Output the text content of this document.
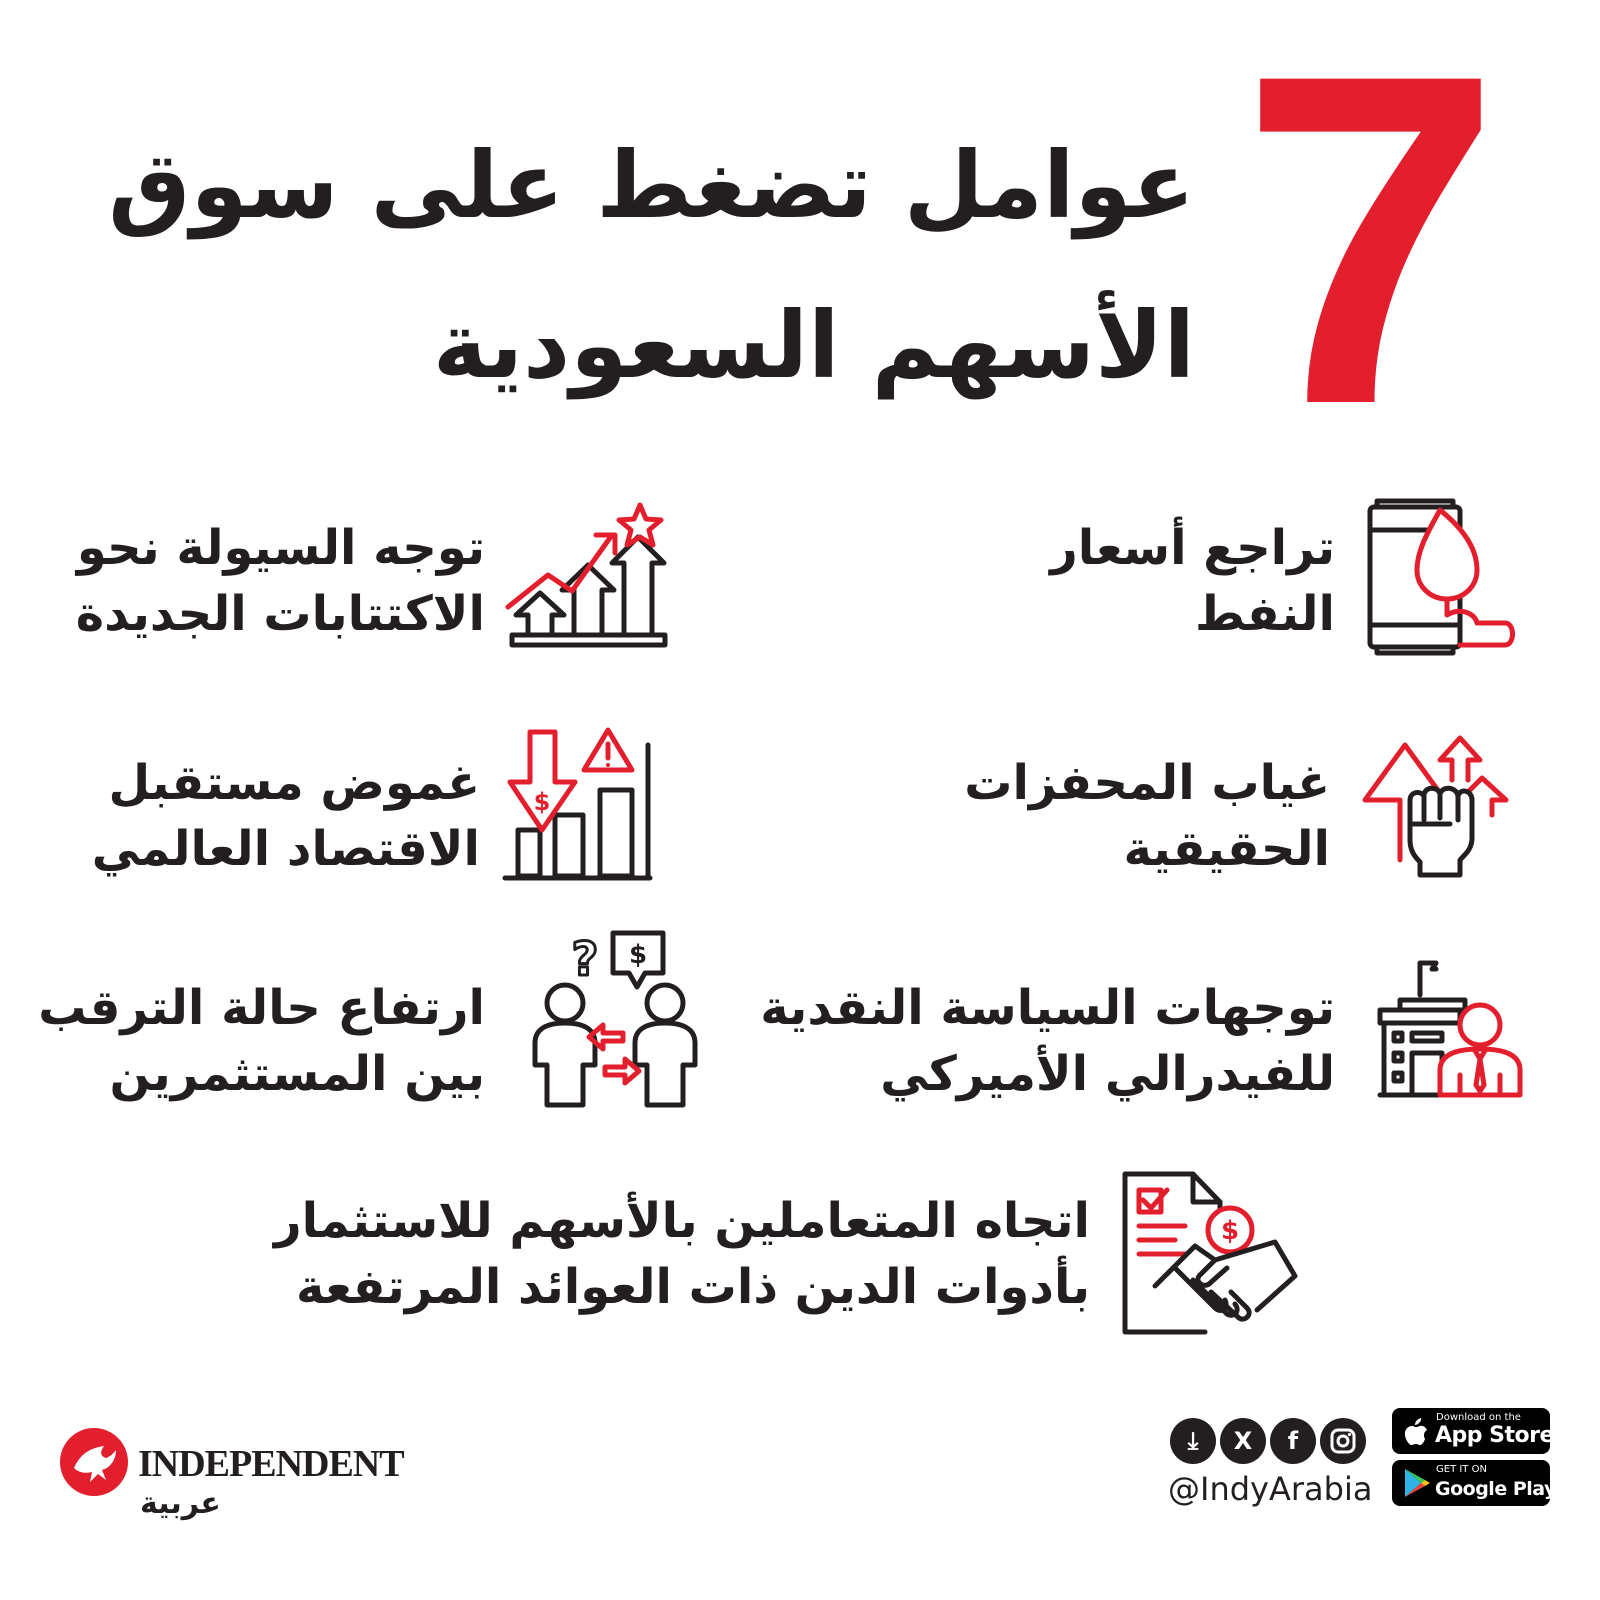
7
عوامل تضغط على سوق
الأسهم السعودية
تراجع أسعار
النفط
توجه السيولة نحو
الاكتتابات الجديدة
غياب المحفزات
الحقيقية
غموض مستقبل
الاقتصاد العالمي
$
توجهات السياسة النقدية
للفيدرالي الأميركي
ارتفاع حالة الترقب
بين المستثمرين
$
?
اتجاه المتعاملين بالأسهم للاستثمار
بأدوات الدين ذات العوائد المرتفعة
$
INDEPENDENT
عربية
⤓	X	f
@IndyArabia
Download on the
App Store
GET IT ON
Google Play
